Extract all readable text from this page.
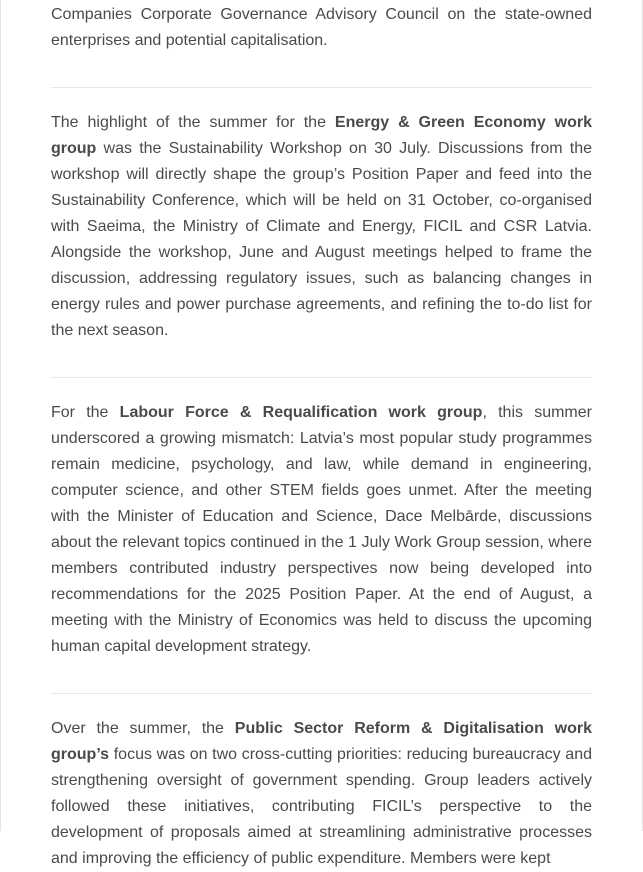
Companies Corporate Governance Advisory Council on the state-owned enterprises and potential capitalisation.

The highlight of the summer for the Energy & Green Economy work group was the Sustainability Workshop on 30 July. Discussions from the workshop will directly shape the group’s Position Paper and feed into the Sustainability Conference, which will be held on 31 October, co-organised with Saeima, the Ministry of Climate and Energy, FICIL and CSR Latvia. Alongside the workshop, June and August meetings helped to frame the discussion, addressing regulatory issues, such as balancing changes in energy rules and power purchase agreements, and refining the to-do list for the next season.

For the Labour Force & Requalification work group, this summer underscored a growing mismatch: Latvia’s most popular study programmes remain medicine, psychology, and law, while demand in engineering, computer science, and other STEM fields goes unmet. After the meeting with the Minister of Education and Science, Dace Melbārde, discussions about the relevant topics continued in the 1 July Work Group session, where members contributed industry perspectives now being developed into recommendations for the 2025 Position Paper. At the end of August, a meeting with the Ministry of Economics was held to discuss the upcoming human capital development strategy.

Over the summer, the Public Sector Reform & Digitalisation work group’s focus was on two cross-cutting priorities: reducing bureaucracy and strengthening oversight of government spending. Group leaders actively followed these initiatives, contributing FICIL’s perspective to the development of proposals aimed at streamlining administrative processes and improving the efficiency of public expenditure. Members were kept
